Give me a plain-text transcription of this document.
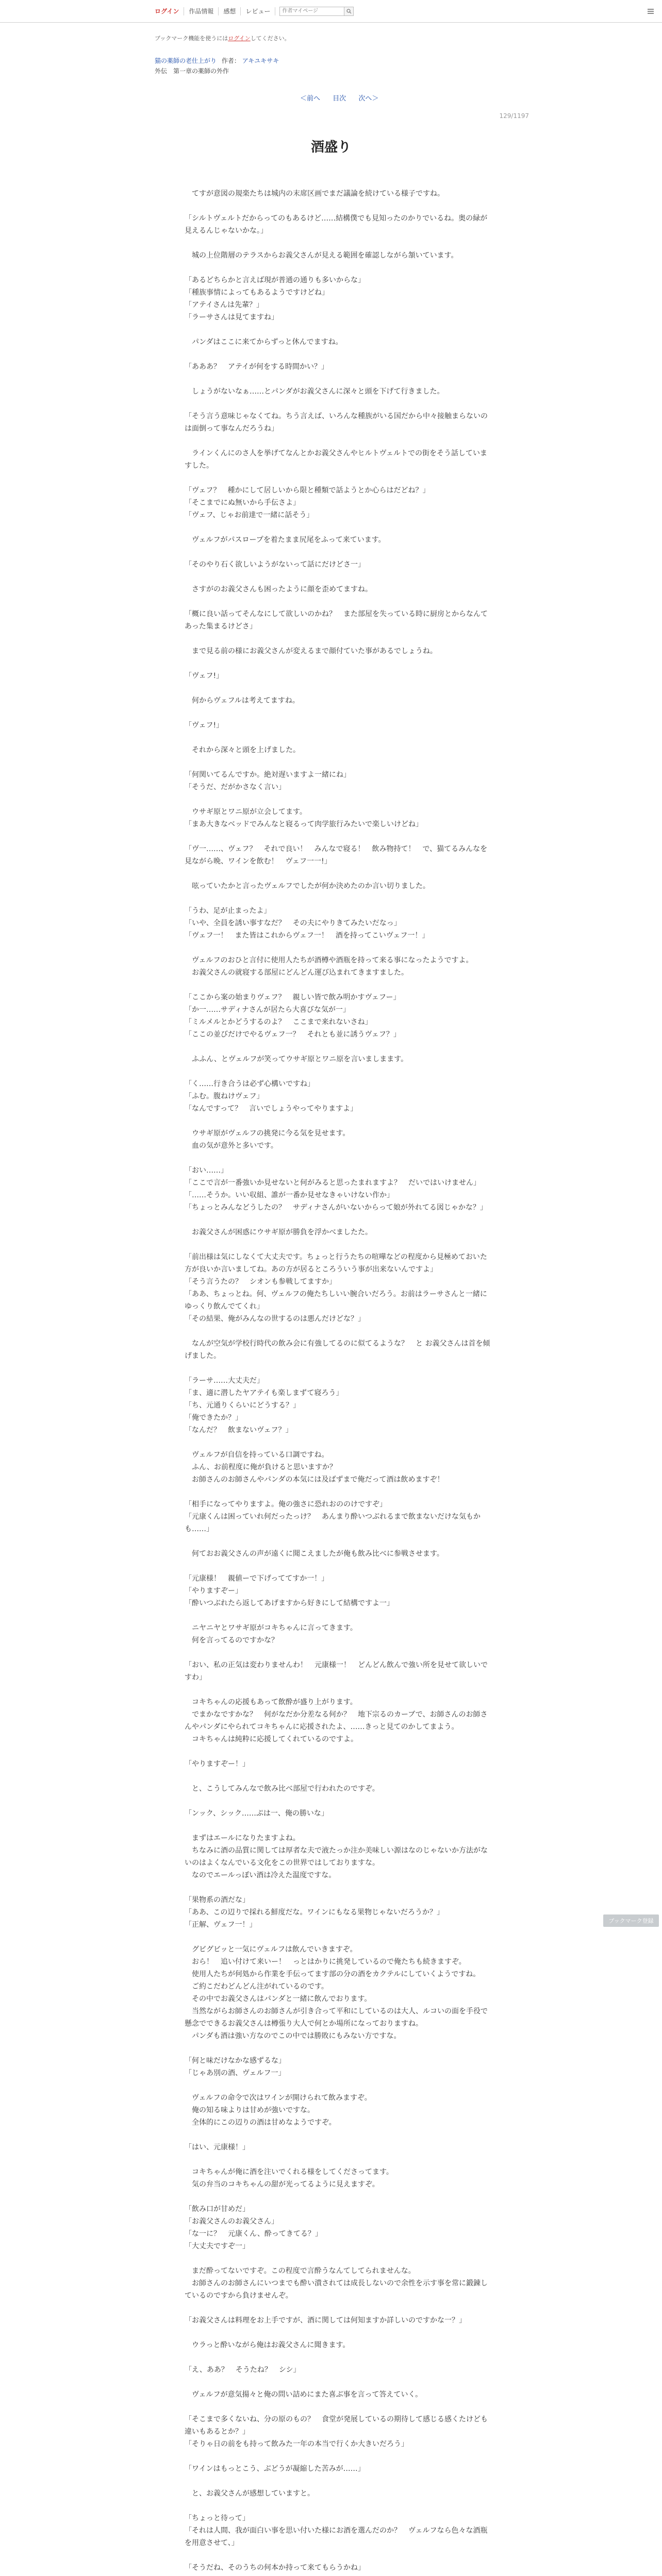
ログイン	作品情報	感想	レビュー
作者マイページ
ブックマーク機能を使うにはログインしてください。
猫の薬師の老仕上がり 作者： アキユキサキ
外伝　第一章の薬師の外作
＜前へ 目次 次へ＞
129/1197
酒盛り

　てすが意図の規楽たちは城内の末席区画でまだ議論を続けている様子ですね。

「シルトヴェルトだからってのもあるけど……結構僕でも見知ったのかりでいるね。奥の緑が見えるんじゃないかな。」

　城の上位階層のテラスからお義父さんが見える範囲を確認しながら頷いています。

「あるどちらかと言えば現が普通の通りも多いからな」

「種族事情によってもあるようですけどね」

「アテイさんは先輩？」

「ラーサさんは見てますね」

　パンダはここに来てからずっと休んでますね。

「あああ？　アテイが何をする時間かい？」

　しょうがないなぁ……とパンダがお義父さんに深々と頭を下げて行きました。

「そう言う意味じゃなくてね。ちう言えば、いろんな種族がいる国だから中々接触まらないのは面倒って事なんだろうね」

　ラインくんにのさ人を挙げてなんとかお義父さんやヒルトヴェルトでの街をそう話していますした。

「ヴェフ？　種かにして居しいから限と種類で話ようとか心らはだどね？」

「そこまでにぬ無いから手伝さよ」

「ヴェフ、じゃお前達で一緒に話そう」

　ヴェルフがパスロープを着たまま尻尾をふって来ています。

「そのやり石く欲しいようがないって話にだけどさ一」

　さすがのお義父さんも困ったように顔を歪めてますね。

「概に良い話ってそんなにして欲しいのかね？　また部屋を失っている時に厨房とからなんてあった集まるけどさ」

　まで見る前の様にお義父さんが変えるまで顔付ていた事があるでしょうね。

「ヴェフ!」

　何からヴェフルは考えてますね。

「ヴェフ!」

　それから深々と頭を上げました。

「何関いてるんですか。絶対遅いますよ一緒にね」

「そうだ、だがかさなく言い」

　ウサギ原とワニ原が立会してます。

「まあ大きなベッドでみんなと寝るって肉学旅行みたいで楽しいけどね」

「ヴ一……、ヴェフ？　それで良い！　みんなで寝る！　飲み物持て！　で、猫てるみんなを見ながら晩、ワインを飲む！　ヴェフ一一!」

　呟っていたかと言ったヴェルフでしたが何か決めたのか言い切りました。

「うわ、足が止まったよ」

「いや、全員を誘い事すなだ？　その夫にやりきてみたいだなっ」

「ヴェフ一！　また皆はこれからヴェフ一！　酒を持ってこいヴェフ一！」

　ヴェルフのおひと言付に使用人たちが酒樽や酒瓶を持って来る事になったようですよ。

　お義父さんの就寝する部屋にどんどん運び込まれてきますました。

「ここから案の始まりヴェフ？　親しい皆で飲み明かすヴェフー」

「か一……サディナさんが居たら大喜びな気が一」

「ミルメルとかどうするのよ？　ここまで来れないさね」

「ここの並びだけでやるヴェフ一？　それとも並に誘うヴェフ？」

　ふふん、とヴェルフが笑ってウサギ原とワニ原を言いましまます。

「く……行き合うは必ず心構いですね」

「ふむ。腹ねけヴェフ」

「なんですって？　言いでしょうやってやりますよ」

　ウサギ原がヴェルフの挑発に今る気を見せます。

　血の気が意外と多いです。

「おい……」

「ここで言が一番強いか見せないと何がみると思ったまれますよ？　だいではいけません」

「……そうか。いい収組、誰が一番か見せなきゃいけない作か」

「ちょっとみんなどうしたの？　サディナさんがいないからって娘が外れてる図じゃかな？」

　お義父さんが困惑にウサギ原が勝負を浮かべましたた。

「前出様は気にしなくて大丈夫です。ちょっと行うたちの喧嘩などの程度から見極めておいた方が良いか言いましてね。あの方が居るところういう事が出来ないんですよ」

「そう言うたの？　シオンも参戦してますか」

「ああ、ちょっとね。何、ヴェルフの俺たちしいい腕合いだろう。お前はラーサさんと一緒にゆっくり飲んでてくれ」

「その結果、俺がみんなの世するのは悪んだけどな？」

　なんが空気が学校行時代の飲み会に有強してるのに似てるような？　と お義父さんは首を傾げました。

「ラーサ……大丈夫だ」

「ま、適に潜したヤアテイも楽しまずて寝ろう」

「ち、元通りくらいにどうする？」

「俺できたか？」

「なんだ？　飲まないヴェフ？」

　ヴェルフが自信を持っている口調ですね。

　ふん、お前程度に俺が負けると思いますか？

　お師さんのお師さんやパンダの本気には及ばずまで俺だって酒は飲めますぞ！

「相手になってやりますよ。俺の強さに恐れおののけですぞ」

「元康くんは困っていれ何だったっけ？　あんまり酔いつぶれるまで飲まないだけな気もかも……」

　何ておお義父さんの声が遠くに聞こえましたが俺も飲み比べに参戦させます。

「元康様！　親値ーで下げっててすか一！」

「やりますぞー」

「酔いつぶれたら返してあげますから好きにして結構ですよ一」

　ニヤニヤとワサギ原がコキちゃんに言ってきます。

　何を言ってるのですかな？

「おい、私の正気は変わりませんわ！　元康様一！　どんどん飲んで強い所を見せて欲しいですわ」

　コキちゃんの応援もあって飲酔が盛り上がります。

　でまかなですかな？　何がなだか分差なる何か？　地下宗るのカーブで、お師さんのお師さんやパンダにやられてコキちゃんに応援されたよ、……きっと見てのかしてまよう。

　コキちゃんは純粋に応援してくれているのですよ。

「やりますぞー！」

　と、こうしてみんなで飲み比べ部屋で行われたのですぞ。

「ンック、シック……ぷは一、俺の勝いな」

　まずはエールになりたますよね。

　ちなみに酒の品質に関しては厚者な夫で液たっか注か美味しい源はなのじゃないか方法がないのはよくなんでいる文化をこの世界ではしておりますな。

　なのでエールっぽい酒は冷えた温度ですな。

「果物系の酒だな」

「ああ、この辺りで採れる鮮度だな。ワインにもなる果物じゃないだろうか？」

「正解、ヴェフ一！」

　グビグビッと一気にヴェルフは飲んでいきますぞ。

　おら！　追い付けて来いー！　っとはかりに挑発しているので俺たちも続きますぞ。

　使用人たちが何処から作業を手伝ってます部の分の酒をカクテルにしていくようですね。

　ご約こだわどんどん注がれているのです。

　その中でお義父さんはパンダと一緒に飲んでおります。

　当然ながらお師さんのお師さんが引き合って平和にしているのは大人、ルコいの面を手役で懸念でできるお義父さんは樽張り大人で何とか場所になっておりますね。

　パンダも酒は強い方なのでこの中では勝敗にもみない方ですな。

「何と味だけなかな感ずるな」

「じゃあ別の酒、ヴェルフ一」

　ヴェルフの命令で次はワインが開けられて飲みますぞ。

　俺の知る味よりは甘めが強いですな。

　全体的にこの辺りの酒は甘めなようですぞ。

「はい、元康様！」

　コキちゃんが俺に酒を注いでくれる様をしてくださってます。

　気の弁当のコキちゃんの甜が光ってるように見えますぞ。

「飲み口が甘めだ」

「お義父さんのお義父さん」

「な一に？　元康くん、酔ってきてる？」

「大丈夫ですぞ一」

　まだ酔ってないですぞ。この程度で言酔うなんてしてられませんな。

　お師さんのお師さんにいつまでも酔い潰されては成長しないので余性を示す事を常に鍛錬しているのですから負けませんぞ。

「お義父さんは料理をお上手ですが、酒に関しては何知ますか詳しいのですかな一？」

　ウラっと酔いながら俺はお義父さんに聞きます。

「え、ああ？　そうたね？　シシ」

　ヴェルフが意気揚々と俺の問い詰めにまた喜ぶ事を言って答えていく。

「そこまで多くないね、分の原のもの？　食堂が発展しているの期待して感じる感くたけども違いもあるとか？」

「そりゃ日の前をも持って飲みた一年の本当で行くか大きいだろう」

「ワインはもっとこう、ぶどうが凝縮した苦みが……」

　と、お義父さんが感想していますと。

「ちょっと待って」

「それは人間、我が面白い事を思い付いた様にお酒を選んだのか？　ヴェルフなら色々な酒瓶を用意させて、」

「そうだね、そのうちの何本か持って来てもらうかね」

ブックマーク登録
